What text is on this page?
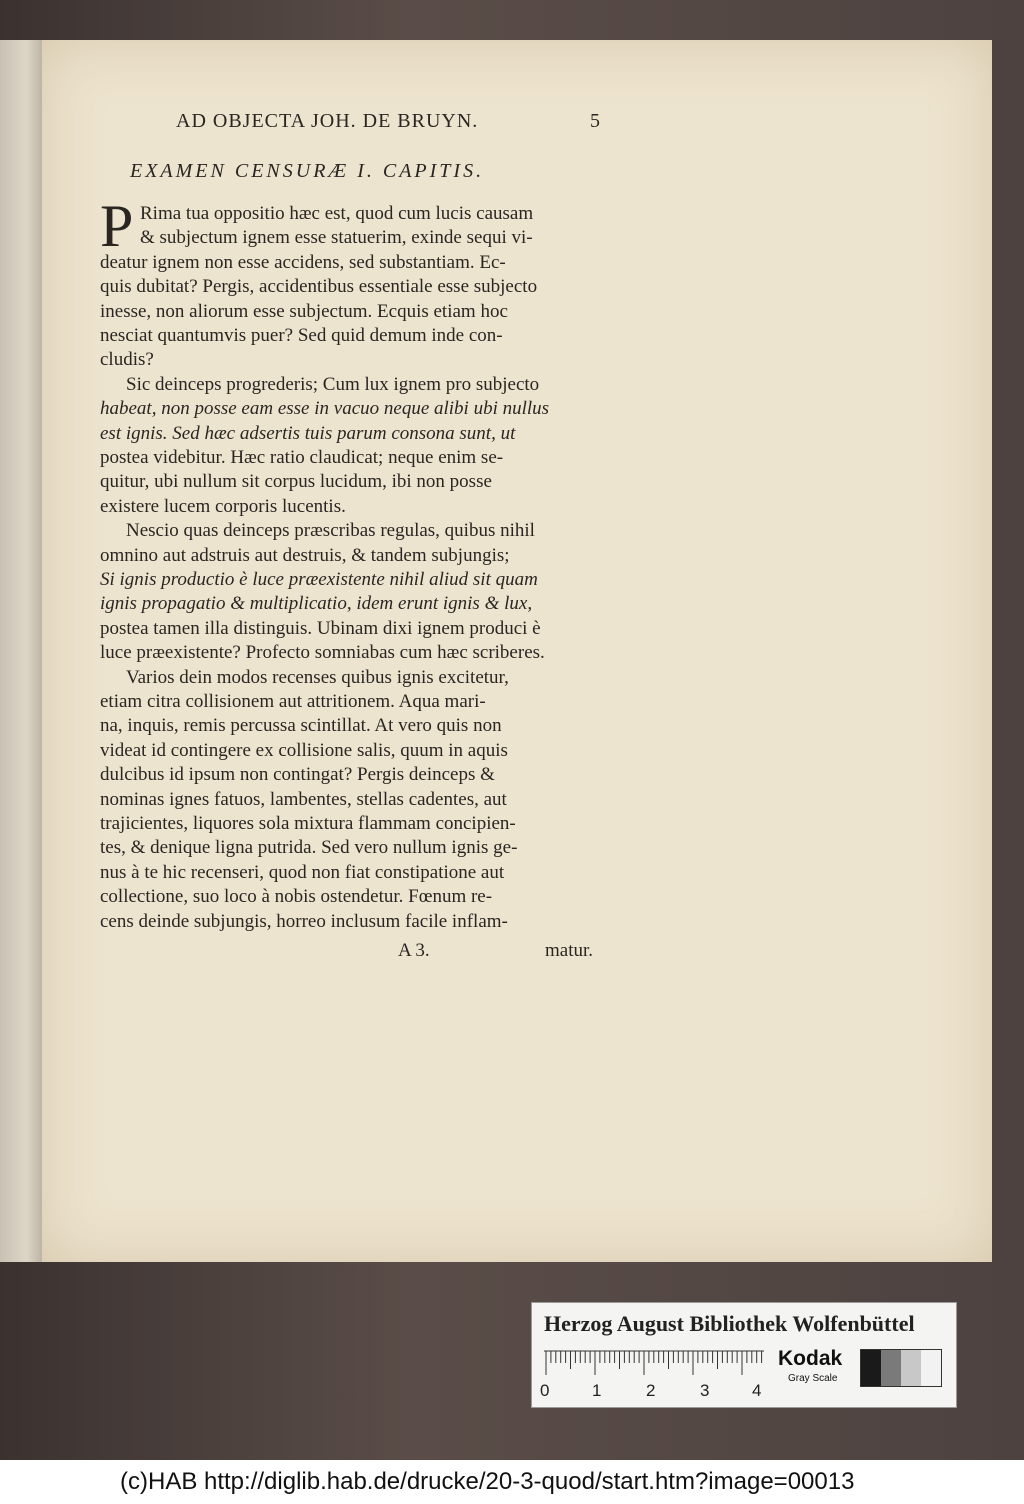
AD OBJECTA JOH. DE BRUYN.	5
EXAMEN CENSURÆ I. CAPITIS.
P Rima tua oppositio hæc est, quod cum lucis causam

& subjectum ignem esse statuerim, exinde sequi vi-

deatur ignem non esse accidens, sed substantiam. Ec-

quis dubitat? Pergis, accidentibus essentiale esse subjecto

inesse, non aliorum esse subjectum. Ecquis etiam hoc

nesciat quantumvis puer? Sed quid demum inde con-

cludis?

Sic deinceps progrederis; Cum lux ignem pro subjecto

habeat, non posse eam esse in vacuo neque alibi ubi nullus

est ignis. Sed hæc adsertis tuis parum consona sunt, ut

postea videbitur. Hæc ratio claudicat; neque enim se-

quitur, ubi nullum sit corpus lucidum, ibi non posse

existere lucem corporis lucentis.

Nescio quas deinceps præscribas regulas, quibus nihil

omnino aut adstruis aut destruis, & tandem subjungis;

Si ignis productio è luce præexistente nihil aliud sit quam

ignis propagatio & multiplicatio, idem erunt ignis & lux,

postea tamen illa distinguis. Ubinam dixi ignem produci è

luce præexistente? Profecto somniabas cum hæc scriberes.

Varios dein modos recenses quibus ignis excitetur,

etiam citra collisionem aut attritionem. Aqua mari-

na, inquis, remis percussa scintillat. At vero quis non

videat id contingere ex collisione salis, quum in aquis

dulcibus id ipsum non contingat? Pergis deinceps &

nominas ignes fatuos, lambentes, stellas cadentes, aut

trajicientes, liquores sola mixtura flammam concipien-

tes, & denique ligna putrida. Sed vero nullum ignis ge-

nus à te hic recenseri, quod non fiat constipatione aut

collectione, suo loco à nobis ostendetur. Fœnum re-

cens deinde subjungis, horreo inclusum facile inflam-

A 3.	matur.
Herzog August Bibliothek Wolfenbüttel
0	1	2	3	4
Kodak
Gray Scale
(c)HAB http://diglib.hab.de/drucke/20-3-quod/start.htm?image=00013
